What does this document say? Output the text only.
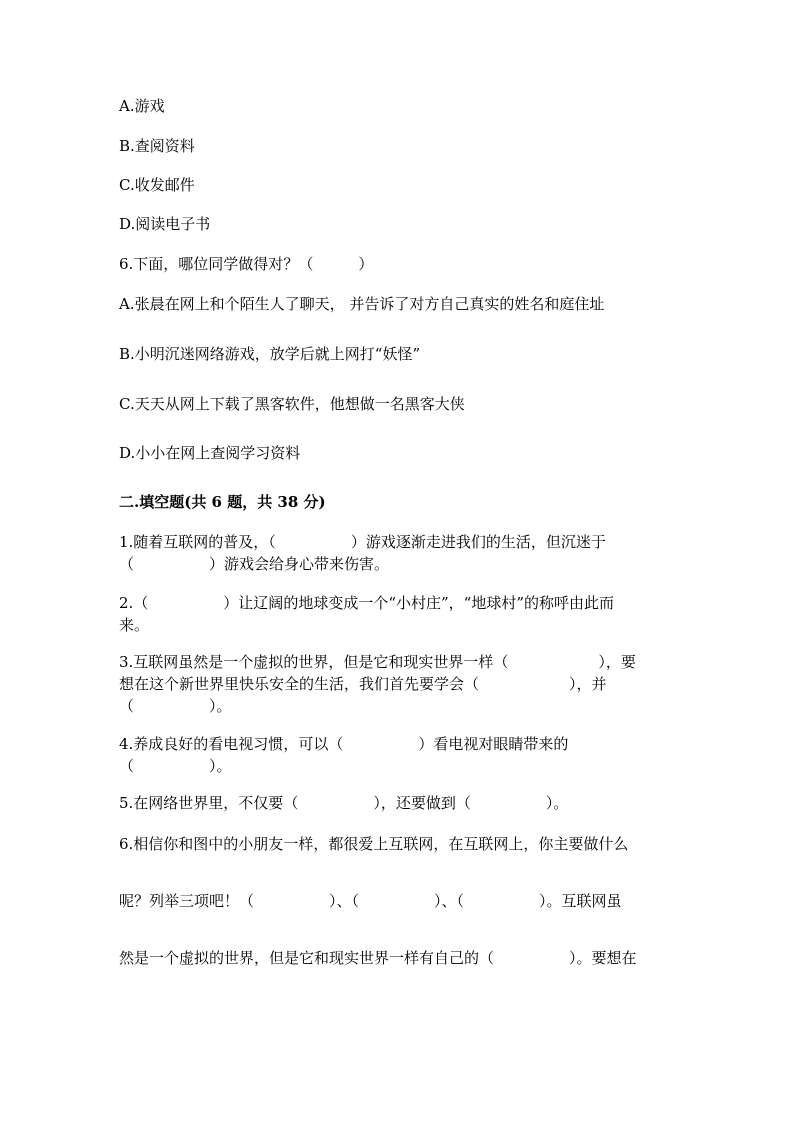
A.游戏
B.查阅资料
C.收发邮件
D.阅读电子书
6.下面，哪位同学做得对？（　　　）
A.张晨在网上和个陌生人了聊天， 并告诉了对方自己真实的姓名和庭住址
B.小明沉迷网络游戏，放学后就上网打“妖怪”
C.天天从网上下载了黑客软件，他想做一名黑客大侠
D.小小在网上查阅学习资料
二.填空题(共 6 题，共 38 分)
1.随着互联网的普及，（　　　　　）游戏逐渐走进我们的生活，但沉迷于
（　　　　　）游戏会给身心带来伤害。
2.（　　　　　）让辽阔的地球变成一个“小村庄”，“地球村”的称呼由此而
来。
3.互联网虽然是一个虚拟的世界，但是它和现实世界一样（　　　　　　），要
想在这个新世界里快乐安全的生活，我们首先要学会（　　　　　　），并
（　　　　　）。
4.养成良好的看电视习惯，可以（　　　　　）看电视对眼睛带来的
（　　　　　）。
5.在网络世界里，不仅要（　　　　　），还要做到（　　　　　）。
6.相信你和图中的小朋友一样，都很爱上互联网，在互联网上，你主要做什么
呢？列举三项吧！（　　　　　）、（　　　　　）、（　　　　　）。互联网虽
然是一个虚拟的世界，但是它和现实世界一样有自己的（　　　　　）。要想在
